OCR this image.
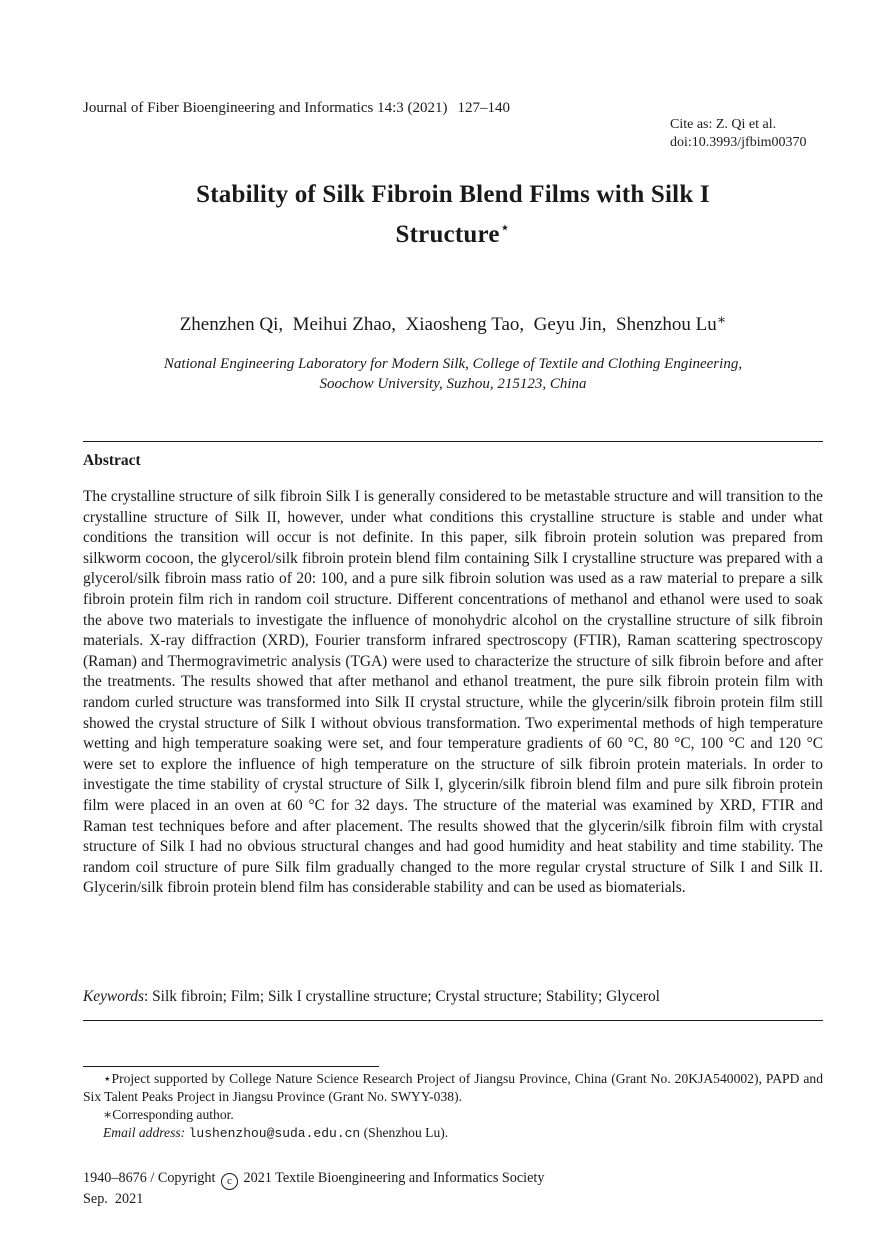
Journal of Fiber Bioengineering and Informatics 14:3 (2021) 127–140
Cite as: Z. Qi et al.
doi:10.3993/jfbim00370
Stability of Silk Fibroin Blend Films with Silk I
Structure⋆
Zhenzhen Qi, Meihui Zhao, Xiaosheng Tao, Geyu Jin, Shenzhou Lu∗
National Engineering Laboratory for Modern Silk, College of Textile and Clothing Engineering,
Soochow University, Suzhou, 215123, China
Abstract
The crystalline structure of silk fibroin Silk I is generally considered to be metastable structure and will transition to the crystalline structure of Silk II, however, under what conditions this crystalline structure is stable and under what conditions the transition will occur is not definite. In this paper, silk fibroin protein solution was prepared from silkworm cocoon, the glycerol/silk fibroin protein blend film containing Silk I crystalline structure was prepared with a glycerol/silk fibroin mass ratio of 20: 100, and a pure silk fibroin solution was used as a raw material to prepare a silk fibroin protein film rich in random coil structure. Different concentrations of methanol and ethanol were used to soak the above two materials to investigate the influence of monohydric alcohol on the crystalline structure of silk fibroin materials. X-ray diffraction (XRD), Fourier transform infrared spectroscopy (FTIR), Raman scattering spectroscopy (Raman) and Thermogravimetric analysis (TGA) were used to characterize the structure of silk fibroin before and after the treatments. The results showed that after methanol and ethanol treatment, the pure silk fibroin protein film with random curled structure was transformed into Silk II crystal structure, while the glycerin/silk fibroin protein film still showed the crystal structure of Silk I without obvious transformation. Two experimental methods of high temperature wetting and high temperature soaking were set, and four temperature gradients of 60 °C, 80 °C, 100 °C and 120 °C were set to explore the influence of high temperature on the structure of silk fibroin protein materials. In order to investigate the time stability of crystal structure of Silk I, glycerin/silk fibroin blend film and pure silk fibroin protein film were placed in an oven at 60 °C for 32 days. The structure of the material was examined by XRD, FTIR and Raman test techniques before and after placement. The results showed that the glycerin/silk fibroin film with crystal structure of Silk I had no obvious structural changes and had good humidity and heat stability and time stability. The random coil structure of pure Silk film gradually changed to the more regular crystal structure of Silk I and Silk II. Glycerin/silk fibroin protein blend film has considerable stability and can be used as biomaterials.
Keywords: Silk fibroin; Film; Silk I crystalline structure; Crystal structure; Stability; Glycerol
⋆Project supported by College Nature Science Research Project of Jiangsu Province, China (Grant No. 20KJA540002), PAPD and Six Talent Peaks Project in Jiangsu Province (Grant No. SWYY-038).
∗Corresponding author.
Email address: lushenzhou@suda.edu.cn (Shenzhou Lu).
1940–8676 / Copyright c 2021 Textile Bioengineering and Informatics Society
Sep.  2021
